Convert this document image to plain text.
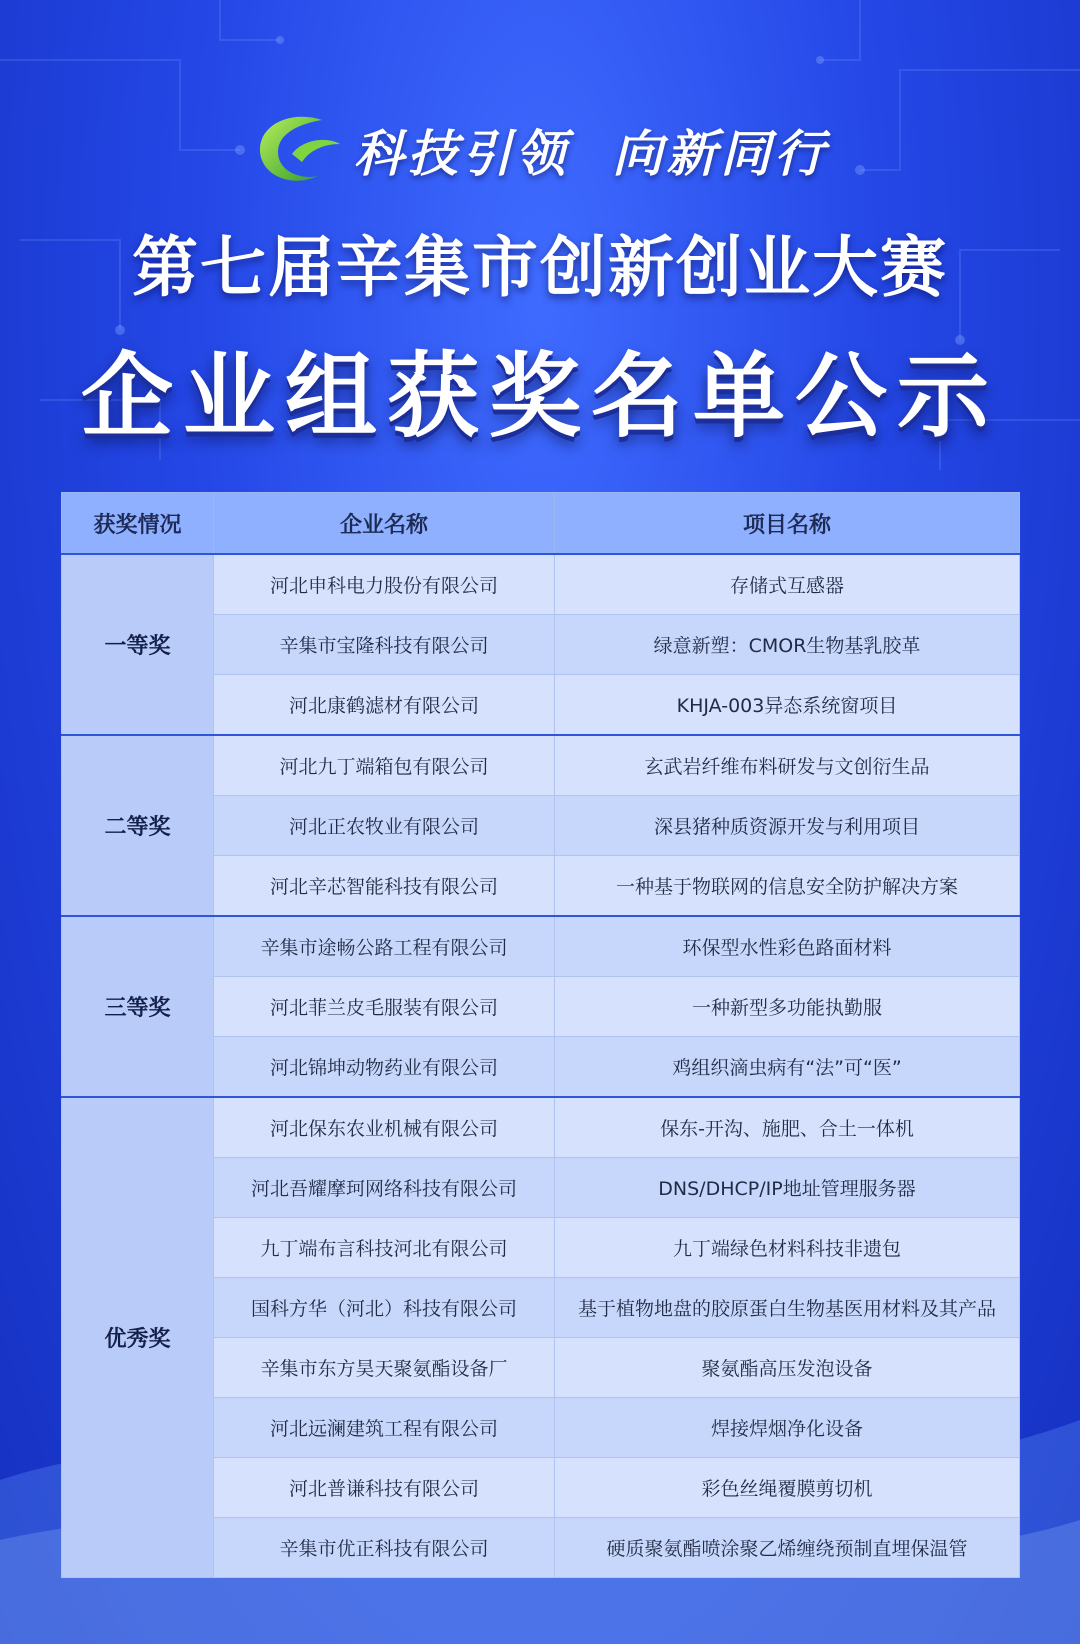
科技引领  向新同行
第七届辛集市创新创业大赛
企业组获奖名单公示
获奖情况	企业名称	项目名称
一等奖	河北申科电力股份有限公司	存储式互感器
	辛集市宝隆科技有限公司	绿意新塑：CMOR生物基乳胶革
	河北康鹤滤材有限公司	KHJA-003异态系统窗项目
二等奖	河北九丁端箱包有限公司	玄武岩纤维布料研发与文创衍生品
	河北正农牧业有限公司	深县猪种质资源开发与利用项目
	河北辛芯智能科技有限公司	一种基于物联网的信息安全防护解决方案
三等奖	辛集市途畅公路工程有限公司	环保型水性彩色路面材料
	河北菲兰皮毛服装有限公司	一种新型多功能执勤服
	河北锦坤动物药业有限公司	鸡组织滴虫病有“法”可“医”
优秀奖	河北保东农业机械有限公司	保东-开沟、施肥、合土一体机
	河北吾耀摩珂网络科技有限公司	DNS/DHCP/IP地址管理服务器
	九丁端布言科技河北有限公司	九丁端绿色材料科技非遗包
	国科方华（河北）科技有限公司	基于植物地盘的胶原蛋白生物基医用材料及其产品
	辛集市东方昊天聚氨酯设备厂	聚氨酯高压发泡设备
	河北远澜建筑工程有限公司	焊接焊烟净化设备
	河北普谦科技有限公司	彩色丝绳覆膜剪切机
	辛集市优正科技有限公司	硬质聚氨酯喷涂聚乙烯缠绕预制直埋保温管
